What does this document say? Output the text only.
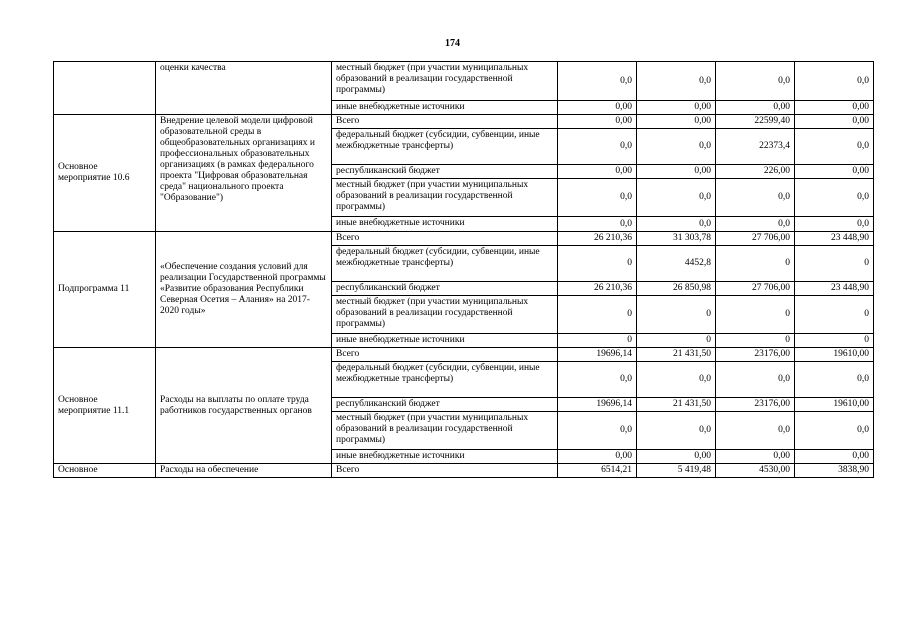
174
	оценки качества	местный бюджет (при участии муниципальных образований в реализации государственной программы)	0,0	0,0	0,0	0,0
		иные внебюджетные источники	0,00	0,00	0,00	0,00
Основное мероприятие 10.6	Внедрение целевой модели цифровой образовательной среды в общеобразовательных организациях и профессиональных образовательных организациях (в рамках федерального проекта "Цифровая образовательная среда" национального проекта "Образование")	Всего	0,00	0,00	22599,40	0,00
		федеральный бюджет (субсидии, субвенции, иные межбюджетные трансферты)	0,0	0,0	22373,4	0,0
		республиканский бюджет	0,00	0,00	226,00	0,00
		местный бюджет (при участии муниципальных образований в реализации государственной программы)	0,0	0,0	0,0	0,0
		иные внебюджетные источники	0,0	0,0	0,0	0,0
Подпрограмма 11	«Обеспечение создания условий для реализации Государственной программы «Развитие образования Республики Северная Осетия – Алания» на 2017-2020 годы»	Всего	26 210,36	31 303,78	27 706,00	23 448,90
		федеральный бюджет (субсидии, субвенции, иные межбюджетные трансферты)	0	4452,8	0	0
		республиканский бюджет	26 210,36	26 850,98	27 706,00	23 448,90
		местный бюджет (при участии муниципальных образований в реализации государственной программы)	0	0	0	0
		иные внебюджетные источники	0	0	0	0
Основное мероприятие 11.1	Расходы на выплаты по оплате труда работников государственных органов	Всего	19696,14	21 431,50	23176,00	19610,00
		федеральный бюджет (субсидии, субвенции, иные межбюджетные трансферты)	0,0	0,0	0,0	0,0
		республиканский бюджет	19696,14	21 431,50	23176,00	19610,00
		местный бюджет (при участии муниципальных образований в реализации государственной программы)	0,0	0,0	0,0	0,0
		иные внебюджетные источники	0,00	0,00	0,00	0,00
Основное	Расходы на обеспечение	Всего	6514,21	5 419,48	4530,00	3838,90
